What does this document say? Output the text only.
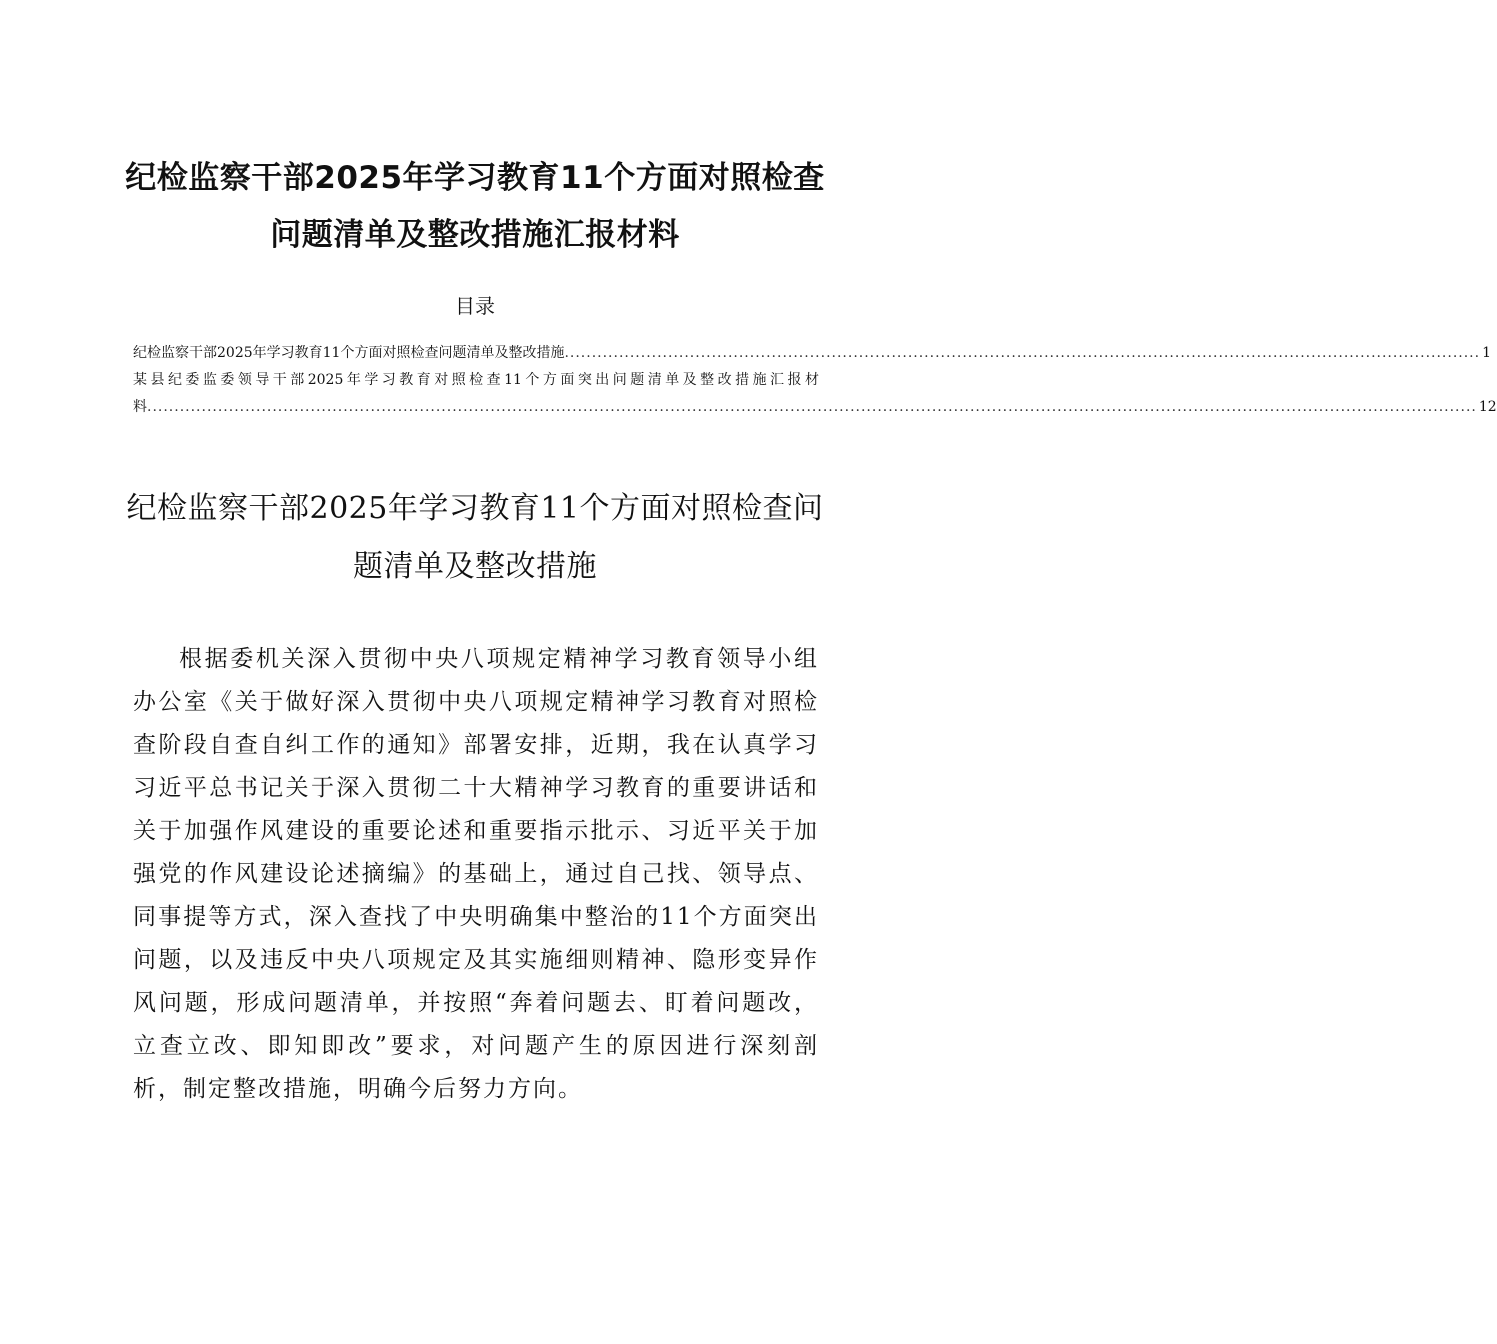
纪检监察干部2025年学习教育11个方面对照检查问题清单及整改措施汇报材料
目录
纪检监察干部2025年学习教育11个方面对照检查问题清单及整改措施 ........................................................................................................................................................................ 1
某县纪委监委领导干部2025年学习教育对照检查11个方面突出问题清单及整改措施汇报材
料 .................................................................................................................................................................................................................................................... 12
纪检监察干部2025年学习教育11个方面对照检查问题清单及整改措施

根据委机关深入贯彻中央八项规定精神学习教育领导小组办公室《关于做好深入贯彻中央八项规定精神学习教育对照检查阶段自查自纠工作的通知》部署安排，近期，我在认真学习习近平总书记关于深入贯彻二十大精神学习教育的重要讲话和关于加强作风建设的重要论述和重要指示批示、习近平关于加强党的作风建设论述摘编》的基础上，通过自己找、领导点、同事提等方式，深入查找了中央明确集中整治的11个方面突出问题，以及违反中央八项规定及其实施细则精神、隐形变异作风问题，形成问题清单，并按照“奔着问题去、盯着问题改，立查立改、即知即改”要求，对问题产生的原因进行深刻剖析，制定整改措施，明确今后努力方向。
